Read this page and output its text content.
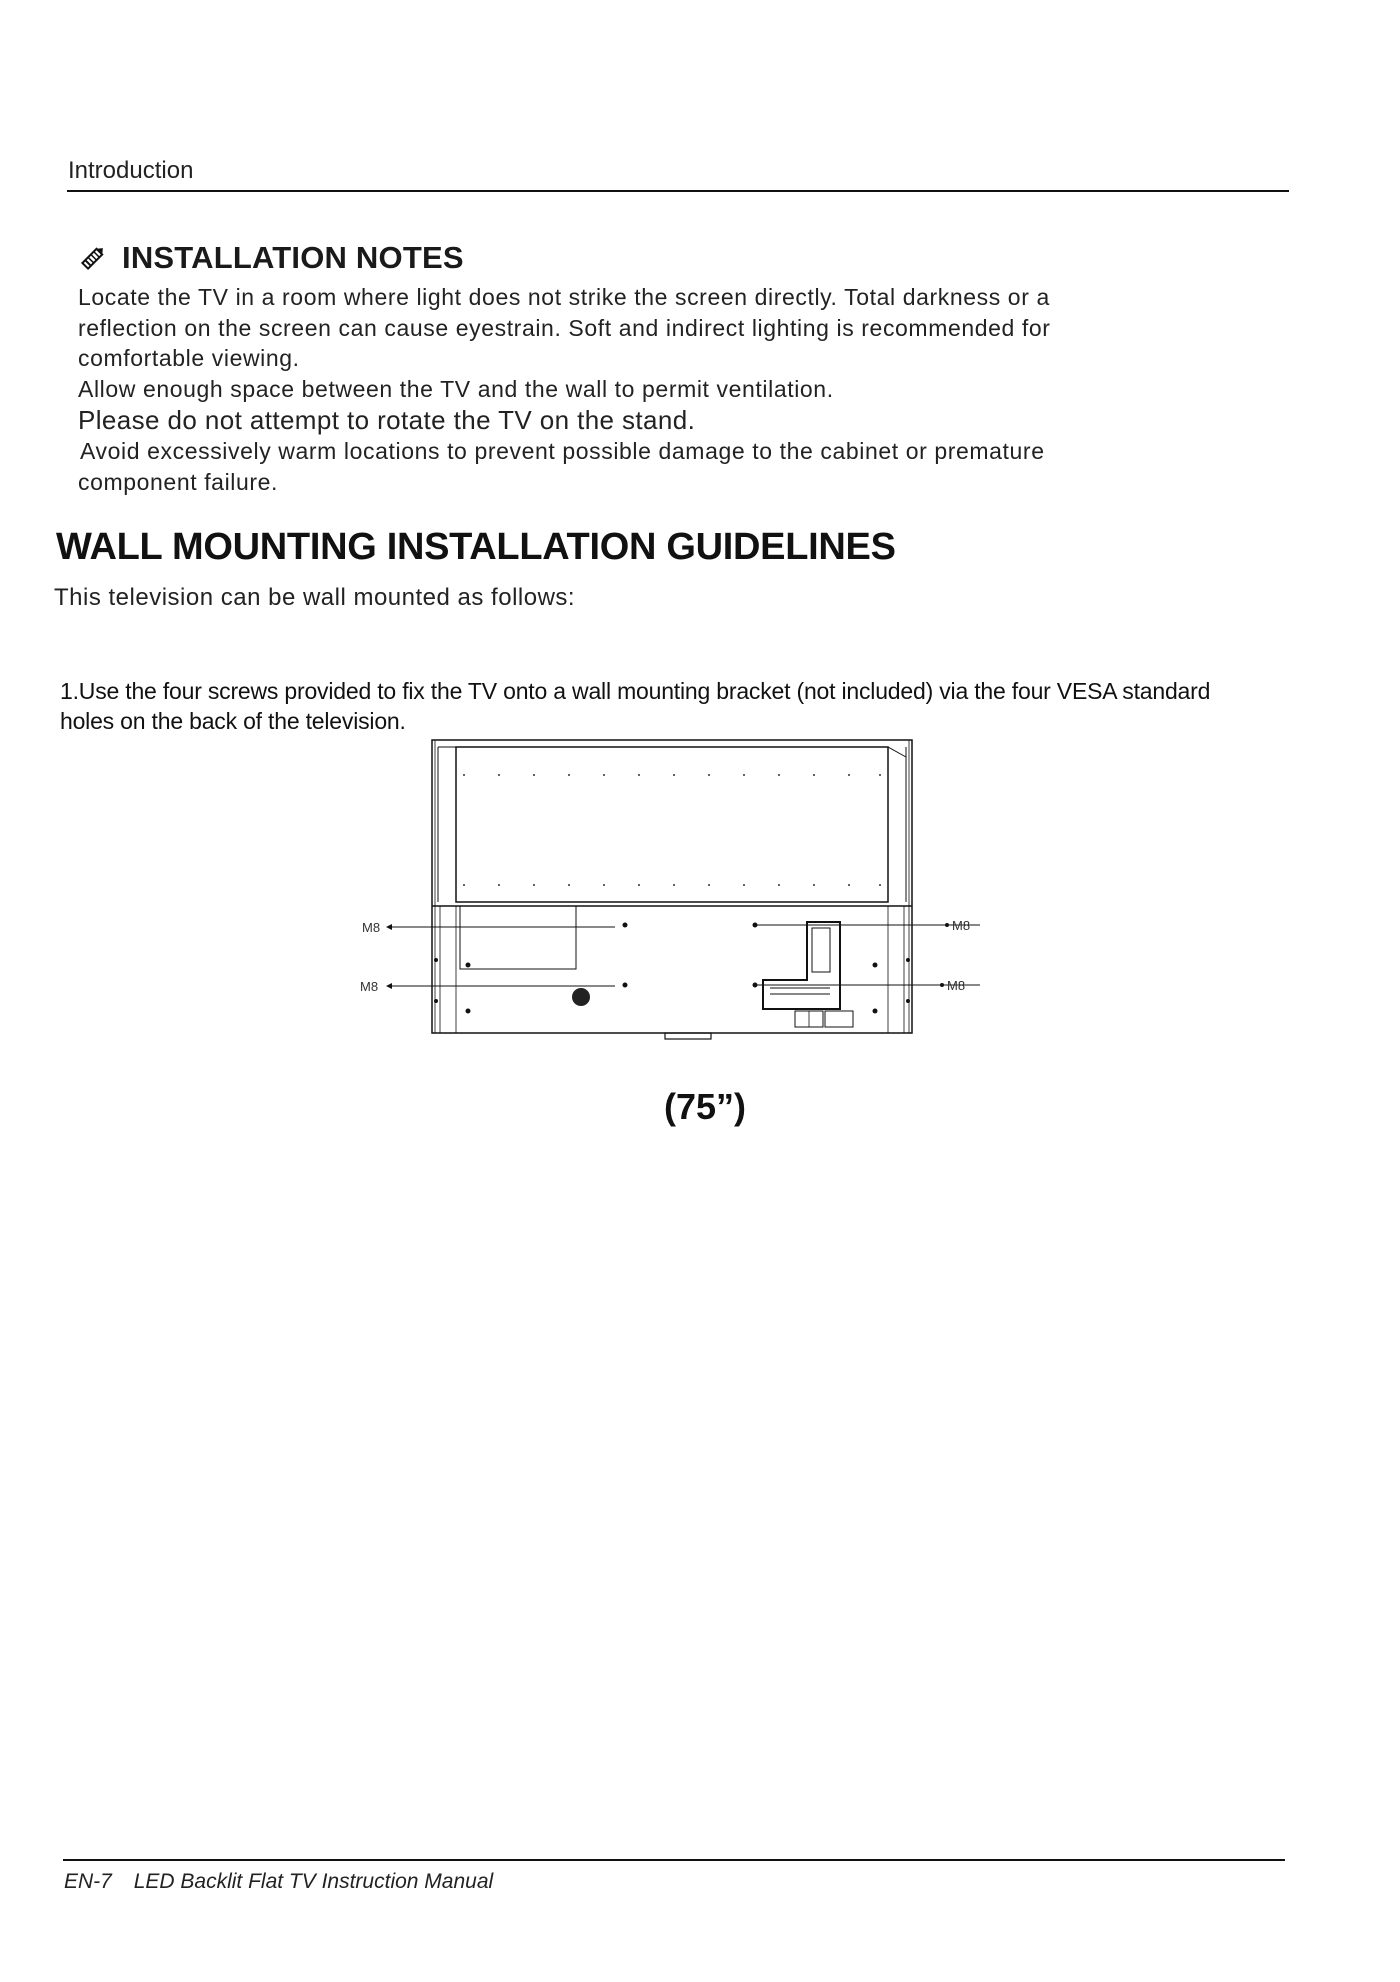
Introduction
INSTALLATION NOTES

Locate the TV in a room where light does not strike the screen directly. Total darkness or a

reflection on the screen can cause eyestrain. Soft and indirect lighting is recommended for

comfortable viewing.

Allow enough space between the TV and the wall to permit ventilation.

Please do not attempt to rotate the TV on the stand.

Avoid excessively warm locations to prevent possible damage to the cabinet or premature

component failure.

WALL MOUNTING INSTALLATION GUIDELINES
This television can be wall mounted as follows:
1.Use the four screws provided to fix the TV onto a wall mounting bracket (not included) via the four VESA standard
holes on the back of the television.
M8
M8
M8
M8
(75”)
EN-7 LED Backlit Flat TV Instruction Manual
